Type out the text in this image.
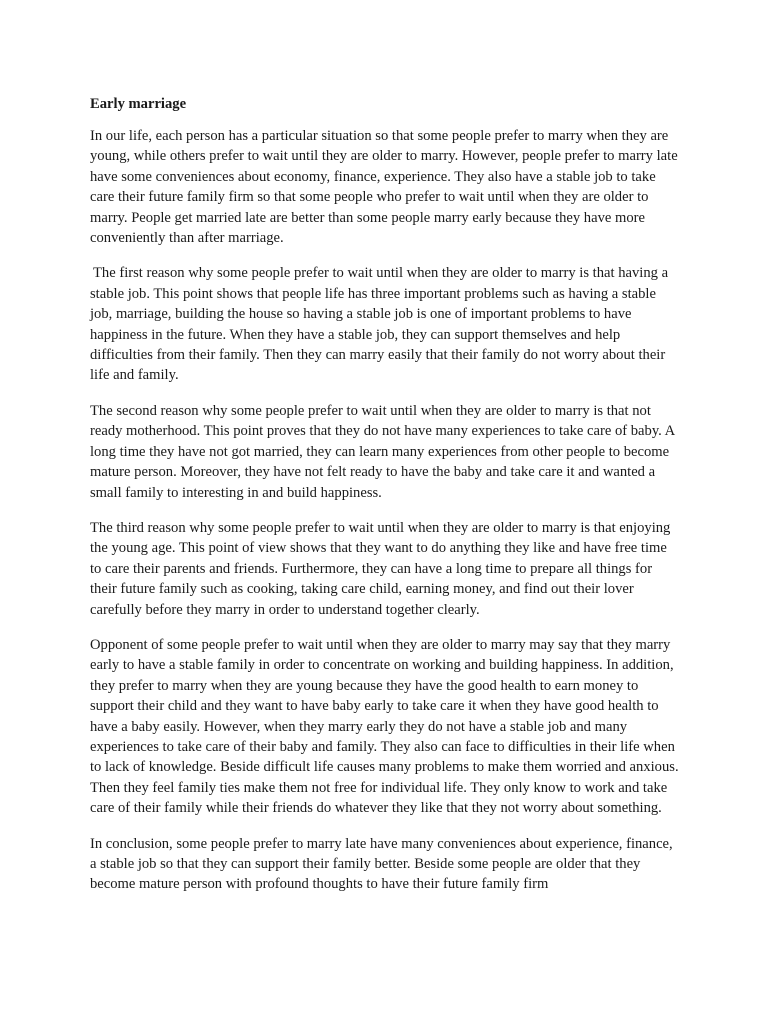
Early marriage

In our life, each person has a particular situation so that some people prefer to marry when they are young, while others prefer to wait until they are older to marry. However, people prefer to marry late have some conveniences about economy, finance, experience. They also have a stable job to take care their future family firm so that some people who prefer to wait until when they are older to marry. People get married late are better than some people marry early because they have more conveniently than after marriage.

The first reason why some people prefer to wait until when they are older to marry is that having a stable job. This point shows that people life has three important problems such as having a stable job, marriage, building the house so having a stable job is one of important problems to have happiness in the future. When they have a stable job, they can support themselves and help difficulties from their family. Then they can marry easily that their family do not worry about their life and family.

The second reason why some people prefer to wait until when they are older to marry is that not ready motherhood. This point proves that they do not have many experiences to take care of baby. A long time they have not got married, they can learn many experiences from other people to become mature person. Moreover, they have not felt ready to have the baby and take care it and wanted a small family to interesting in and build happiness.

The third reason why some people prefer to wait until when they are older to marry is that enjoying the young age. This point of view shows that they want to do anything they like and have free time to care their parents and friends. Furthermore, they can have a long time to prepare all things for their future family such as cooking, taking care child, earning money, and find out their lover carefully before they marry in order to understand together clearly.

Opponent of some people prefer to wait until when they are older to marry may say that they marry early to have a stable family in order to concentrate on working and building happiness. In addition, they prefer to marry when they are young because they have the good health to earn money to support their child and they want to have baby early to take care it when they have good health to have a baby easily. However, when they marry early they do not have a stable job and many experiences to take care of their baby and family. They also can face to difficulties in their life when to lack of knowledge. Beside difficult life causes many problems to make them worried and anxious. Then they feel family ties make them not free for individual life. They only know to work and take care of their family while their friends do whatever they like that they not worry about something.

In conclusion, some people prefer to marry late have many conveniences about experience, finance, a stable job so that they can support their family better. Beside some people are older that they become mature person with profound thoughts to have their future family firm
